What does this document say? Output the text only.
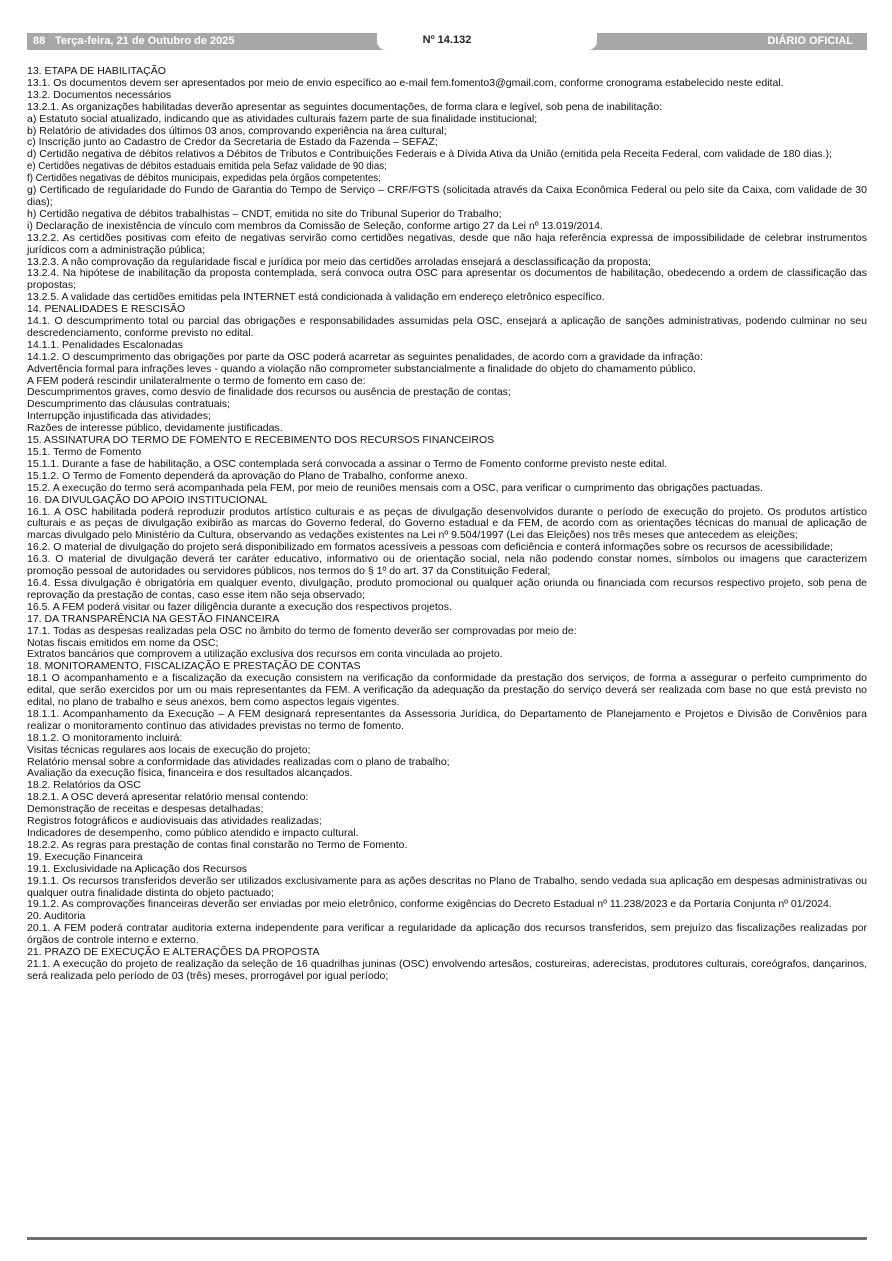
88 Terça-feira, 21 de Outubro de 2025	Nº 14.132	DIÁRIO OFICIAL

13. ETAPA DE HABILITAÇÃO

13.1. Os documentos devem ser apresentados por meio de envio específico ao e-mail fem.fomento3@gmail.com, conforme cronograma estabelecido neste edital.

13.2. Documentos necessários

13.2.1. As organizações habilitadas deverão apresentar as seguintes documentações, de forma clara e legível, sob pena de inabilitação:

a) Estatuto social atualizado, indicando que as atividades culturais fazem parte de sua finalidade institucional;

b) Relatório de atividades dos últimos 03 anos, comprovando experiência na área cultural;

c) Inscrição junto ao Cadastro de Credor da Secretaria de Estado da Fazenda – SEFAZ;

d) Certidão negativa de débitos relativos a Débitos de Tributos e Contribuições Federais e à Dívida Ativa da União (emitida pela Receita Federal, com validade de 180 dias.);

e) Certidões negativas de débitos estaduais emitida pela Sefaz validade de 90 dias;

f) Certidões negativas de débitos municipais, expedidas pela órgãos competentes;

g) Certificado de regularidade do Fundo de Garantia do Tempo de Serviço – CRF/FGTS (solicitada através da Caixa Econômica Federal ou pelo site da Caixa, com validade de 30 dias);

h) Certidão negativa de débitos trabalhistas – CNDT, emitida no site do Tribunal Superior do Trabalho;

i) Declaração de inexistência de vínculo com membros da Comissão de Seleção, conforme artigo 27 da Lei nº 13.019/2014.

13.2.2. As certidões positivas com efeito de negativas servirão como certidões negativas, desde que não haja referência expressa de impossibilidade de celebrar instrumentos jurídicos com a administração pública;

13.2.3. A não comprovação da regularidade fiscal e jurídica por meio das certidões arroladas ensejará a desclassificação da proposta;

13.2.4. Na hipótese de inabilitação da proposta contemplada, será convoca outra OSC para apresentar os documentos de habilitação, obedecendo a ordem de classificação das propostas;

13.2.5. A validade das certidões emitidas pela INTERNET está condicionada à validação em endereço eletrônico específico.

14. PENALIDADES E RESCISÃO

14.1. O descumprimento total ou parcial das obrigações e responsabilidades assumidas pela OSC, ensejará a aplicação de sanções administrativas, podendo culminar no seu descredenciamento, conforme previsto no edital.

14.1.1. Penalidades Escalonadas

14.1.2. O descumprimento das obrigações por parte da OSC poderá acarretar as seguintes penalidades, de acordo com a gravidade da infração:

Advertência formal para infrações leves - quando a violação não comprometer substancialmente a finalidade do objeto do chamamento público.

A FEM poderá rescindir unilateralmente o termo de fomento em caso de:

Descumprimentos graves, como desvio de finalidade dos recursos ou ausência de prestação de contas;

Descumprimento das cláusulas contratuais;

Interrupção injustificada das atividades;

Razões de interesse público, devidamente justificadas.

15. ASSINATURA DO TERMO DE FOMENTO E RECEBIMENTO DOS RECURSOS FINANCEIROS

15.1. Termo de Fomento

15.1.1. Durante a fase de habilitação, a OSC contemplada será convocada a assinar o Termo de Fomento conforme previsto neste edital.

15.1.2. O Termo de Fomento dependerá da aprovação do Plano de Trabalho, conforme anexo.

15.2. A execução do termo será acompanhada pela FEM, por meio de reuniões mensais com a OSC, para verificar o cumprimento das obrigações pactuadas.

16. DA DIVULGAÇÃO DO APOIO INSTITUCIONAL

16.1. A OSC habilitada poderá reproduzir produtos artístico culturais e as peças de divulgação desenvolvidos durante o período de execução do projeto. Os produtos artístico culturais e as peças de divulgação exibirão as marcas do Governo federal, do Governo estadual e da FEM, de acordo com as orientações técnicas do manual de aplicação de marcas divulgado pelo Ministério da Cultura, observando as vedações existentes na Lei nº 9.504/1997 (Lei das Eleições) nos três meses que antecedem as eleições;

16.2. O material de divulgação do projeto será disponibilizado em formatos acessíveis a pessoas com deficiência e conterá informações sobre os recursos de acessibilidade;

16.3. O material de divulgação deverá ter caráter educativo, informativo ou de orientação social, nela não podendo constar nomes, símbolos ou imagens que caracterizem promoção pessoal de autoridades ou servidores públicos, nos termos do § 1º do art. 37 da Constituição Federal;

16.4. Essa divulgação é obrigatória em qualquer evento, divulgação, produto promocional ou qualquer ação oriunda ou financiada com recursos respectivo projeto, sob pena de reprovação da prestação de contas, caso esse item não seja observado;

16.5. A FEM poderá visitar ou fazer diligência durante a execução dos respectivos projetos.

17. DA TRANSPARÊNCIA NA GESTÃO FINANCEIRA

17.1. Todas as despesas realizadas pela OSC no âmbito do termo de fomento deverão ser comprovadas por meio de:

Notas fiscais emitidos em nome da OSC;

Extratos bancários que comprovem a utilização exclusiva dos recursos em conta vinculada ao projeto.

18. MONITORAMENTO, FISCALIZAÇÃO E PRESTAÇÃO DE CONTAS

18.1 O acompanhamento e a fiscalização da execução consistem na verificação da conformidade da prestação dos serviços, de forma a assegurar o perfeito cumprimento do edital, que serão exercidos por um ou mais representantes da FEM. A verificação da adequação da prestação do serviço deverá ser realizada com base no que está previsto no edital, no plano de trabalho e seus anexos, bem como aspectos legais vigentes.

18.1.1. Acompanhamento da Execução – A FEM designará representantes da Assessoria Jurídica, do Departamento de Planejamento e Projetos e Divisão de Convênios para realizar o monitoramento contínuo das atividades previstas no termo de fomento.

18.1.2. O monitoramento incluirá:

Visitas técnicas regulares aos locais de execução do projeto;

Relatório mensal sobre a conformidade das atividades realizadas com o plano de trabalho;

Avaliação da execução física, financeira e dos resultados alcançados.

18.2. Relatórios da OSC

18.2.1. A OSC deverá apresentar relatório mensal contendo:

Demonstração de receitas e despesas detalhadas;

Registros fotográficos e audiovisuais das atividades realizadas;

Indicadores de desempenho, como público atendido e impacto cultural.

18.2.2. As regras para prestação de contas final constarão no Termo de Fomento.

19. Execução Financeira

19.1. Exclusividade na Aplicação dos Recursos

19.1.1. Os recursos transferidos deverão ser utilizados exclusivamente para as ações descritas no Plano de Trabalho, sendo vedada sua aplicação em despesas administrativas ou qualquer outra finalidade distinta do objeto pactuado;

19.1.2. As comprovações financeiras deverão ser enviadas por meio eletrônico, conforme exigências do Decreto Estadual nº 11.238/2023 e da Portaria Conjunta nº 01/2024.

20. Auditoria

20.1. A FEM poderá contratar auditoria externa independente para verificar a regularidade da aplicação dos recursos transferidos, sem prejuízo das fiscalizações realizadas por órgãos de controle interno e externo.

21. PRAZO DE EXECUÇÃO E ALTERAÇÕES DA PROPOSTA

21.1. A execução do projeto de realização da seleção de 16 quadrilhas juninas (OSC) envolvendo artesãos, costureiras, aderecistas, produtores culturais, coreógrafos, dançarinos, será realizada pelo período de 03 (três) meses, prorrogável por igual período;
